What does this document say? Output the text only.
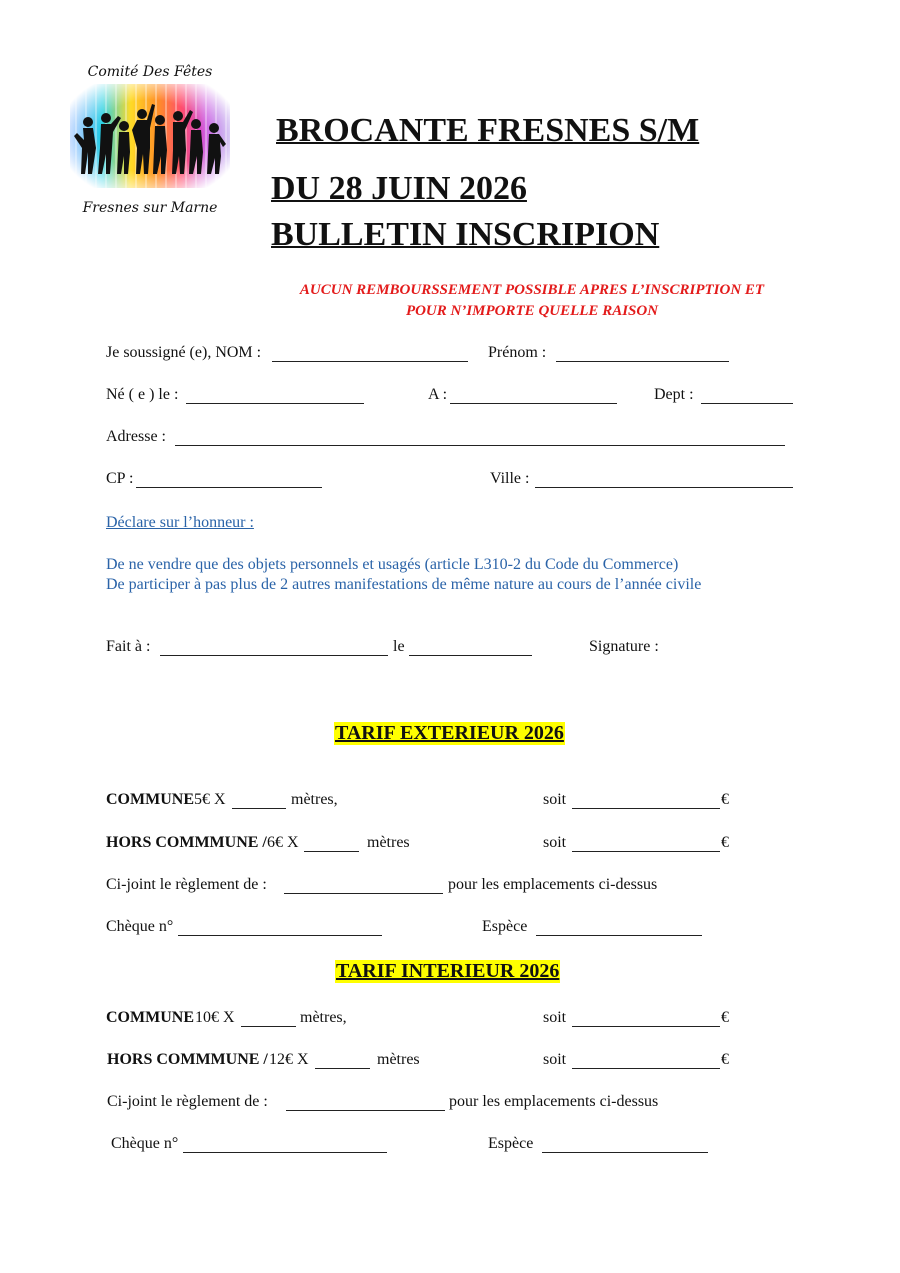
Comité Des Fêtes
Fresnes sur Marne
BROCANTE FRESNES S/M
DU 28 JUIN 2026
BULLETIN INSCRIPION
AUCUN REMBOURSSEMENT POSSIBLE APRES L’INSCRIPTION ET
POUR N’IMPORTE QUELLE RAISON
Je soussigné (e), NOM :	Prénom :
Né ( e ) le :	A :	Dept :
Adresse :
CP :	Ville :
Déclare sur l’honneur :
De ne vendre que des objets personnels et usagés (article L310-2 du Code du Commerce)
De participer à pas plus de 2 autres manifestations de même nature au cours de l’année civile
Fait à :	le	Signature :
TARIF EXTERIEUR 2026
COMMUNE 5€ X	mètres,	soit	€
HORS COMMMUNE / 6€ X	mètres	soit	€
Ci-joint le règlement de :	pour les emplacements ci-dessus
Chèque n°	Espèce
TARIF INTERIEUR 2026
COMMUNE 10€ X	mètres,	soit	€
HORS COMMMUNE / 12€ X	mètres	soit	€
Ci-joint le règlement de :	pour les emplacements ci-dessus
Chèque n°	Espèce
